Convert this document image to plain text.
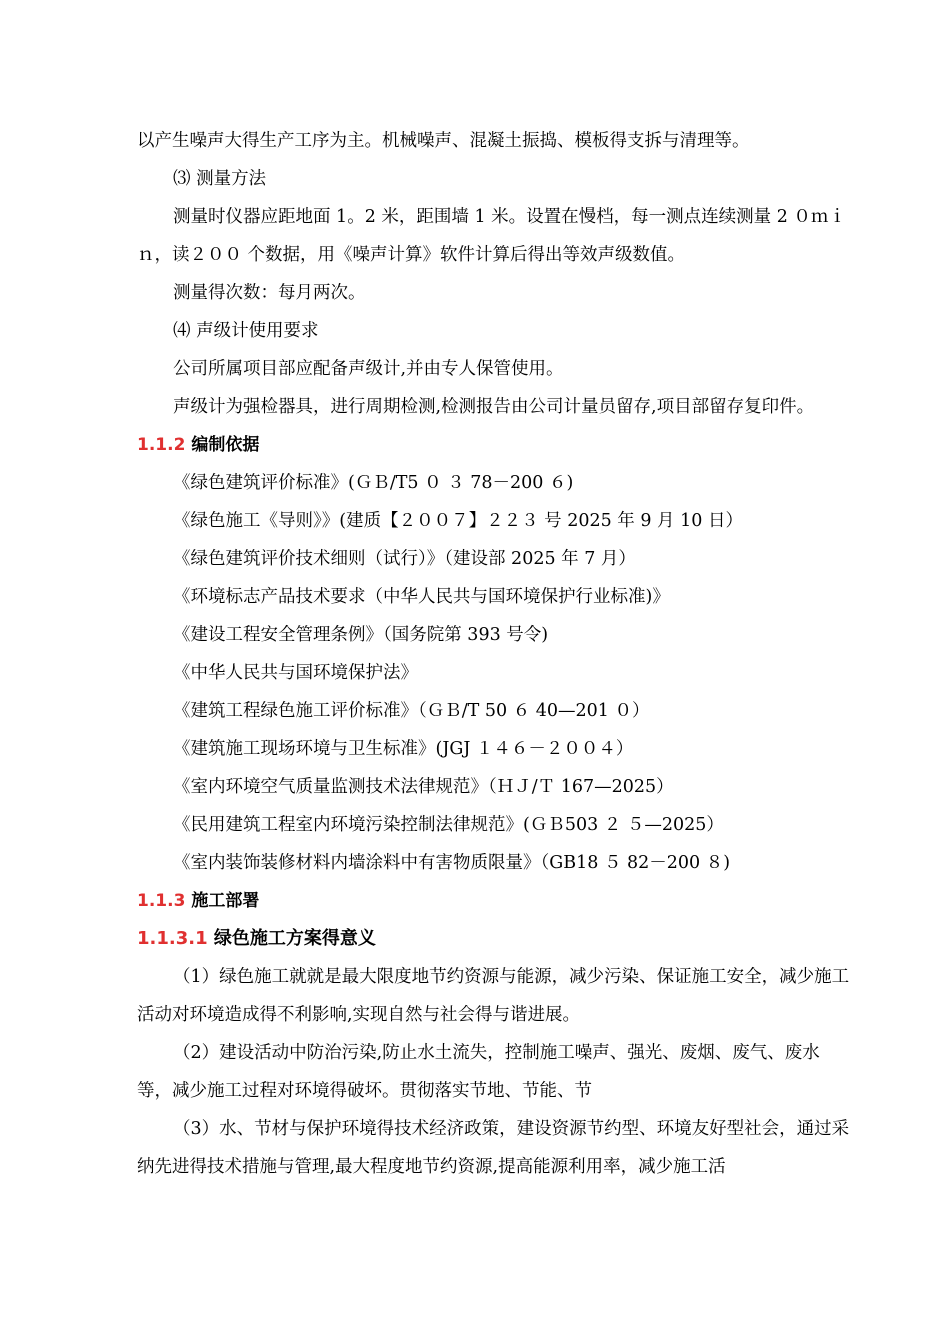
以产生噪声大得生产工序为主。机械噪声、混凝土振捣、模板得支拆与清理等。

⑶ 测量方法

测量时仪器应距地面 1。2 米，距围墙 1 米。设置在慢档，每一测点连续测量 2 ０ｍｉｎ，读２００ 个数据，用《噪声计算》软件计算后得出等效声级数值。

测量得次数：每月两次。

⑷ 声级计使用要求

公司所属项目部应配备声级计,并由专人保管使用。

声级计为强检器具，进行周期检测,检测报告由公司计量员留存,项目部留存复印件。

1.1.2 编制依据

《绿色建筑评价标准》(ＧＢ/T5 ０ ３ 78－200 ６)

《绿色施工《导则》》(建质【２００７】２２３ 号 2025 年 9 月 10 日）

《绿色建筑评价技术细则（试行）》（建设部 2025 年 7 月）

《环境标志产品技术要求（中华人民共与国环境保护行业标准)》

《建设工程安全管理条例》（国务院第 393 号令)

《中华人民共与国环境保护法》

《建筑工程绿色施工评价标准》（ＧＢ/T 50 ６ 40—201 ０）

《建筑施工现场环境与卫生标准》(JGJ １４６－２００４）

《室内环境空气质量监测技术法律规范》（ＨＪ/Ｔ 167—2025）

《民用建筑工程室内环境污染控制法律规范》(ＧＢ503 ２ ５—2025）

《室内装饰装修材料内墙涂料中有害物质限量》（GB18 ５ 82－200 ８)

1.1.3 施工部署

1.1.3.1 绿色施工方案得意义

（1）绿色施工就就是最大限度地节约资源与能源，减少污染、保证施工安全，减少施工活动对环境造成得不利影响,实现自然与社会得与谐进展。

（2）建设活动中防治污染,防止水土流失，控制施工噪声、强光、废烟、废气、废水等，减少施工过程对环境得破坏。贯彻落实节地、节能、节

（3）水、节材与保护环境得技术经济政策，建设资源节约型、环境友好型社会，通过采纳先进得技术措施与管理,最大程度地节约资源,提高能源利用率，减少施工活
